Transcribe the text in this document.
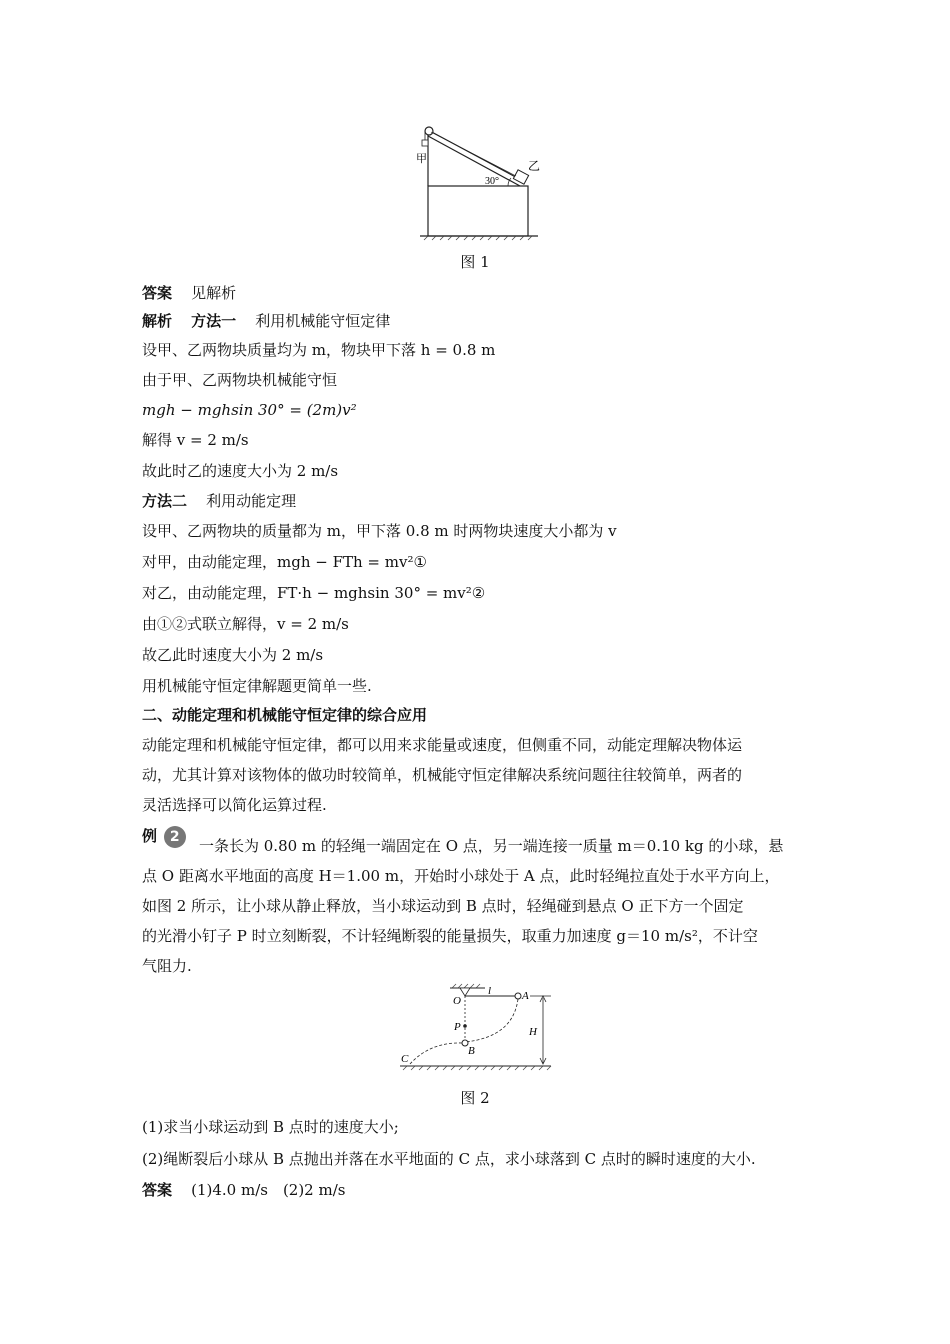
甲	乙
30°
图 1
答案 见解析
解析 方法一 利用机械能守恒定律
设甲、乙两物块质量均为 m，物块甲下落 h = 0.8 m
由于甲、乙两物块机械能守恒
mgh − mghsin 30° = (2m)v²
解得 v = 2 m/s
故此时乙的速度大小为 2 m/s
方法二 利用动能定理
设甲、乙两物块的质量都为 m，甲下落 0.8 m 时两物块速度大小都为 v
对甲，由动能定理，mgh − FTh = mv²①
对乙，由动能定理，FT·h − mghsin 30° = mv²②
由①②式联立解得，v = 2 m/s
故乙此时速度大小为 2 m/s
用机械能守恒定律解题更简单一些.
二、动能定理和机械能守恒定律的综合应用
动能定理和机械能守恒定律，都可以用来求能量或速度，但侧重不同，动能定理解决物体运
动，尤其计算对该物体的做功时较简单，机械能守恒定律解决系统问题往往较简单，两者的
灵活选择可以简化运算过程.
例 2	一条长为 0.80 m 的轻绳一端固定在 O 点，另一端连接一质量 m＝0.10 kg 的小球，悬
点 O 距离水平地面的高度 H＝1.00 m，开始时小球处于 A 点，此时轻绳拉直处于水平方向上，
如图 2 所示，让小球从静止释放，当小球运动到 B 点时，轻绳碰到悬点 O 正下方一个固定
的光滑小钉子 P 时立刻断裂，不计轻绳断裂的能量损失，取重力加速度 g＝10 m/s²，不计空
气阻力.
O
l	A
P
B
C
H
图 2
(1)求当小球运动到 B 点时的速度大小;
(2)绳断裂后小球从 B 点抛出并落在水平地面的 C 点，求小球落到 C 点时的瞬时速度的大小.
答案 (1)4.0 m/s　(2)2 m/s
